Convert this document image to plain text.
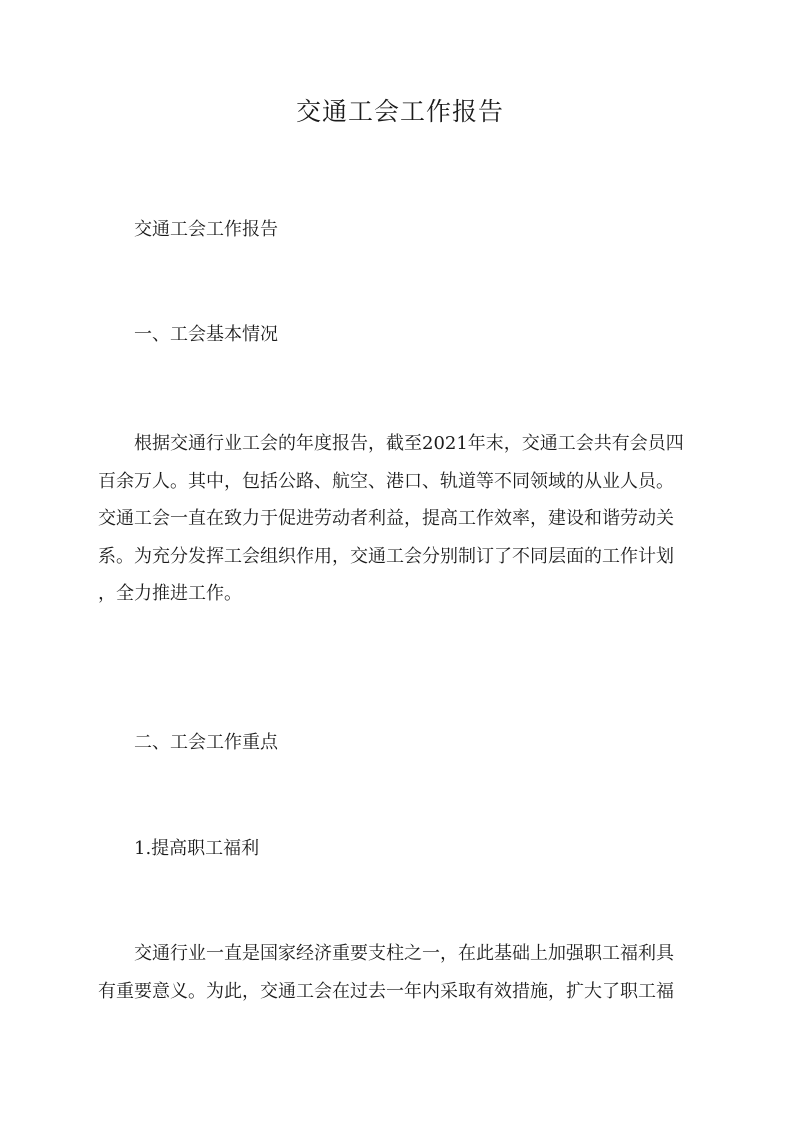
交通工会工作报告
交通工会工作报告
一、工会基本情况
根据交通行业工会的年度报告，截至2021年末，交通工会共有会员四
百余万人。其中，包括公路、航空、港口、轨道等不同领域的从业人员。
交通工会一直在致力于促进劳动者利益，提高工作效率，建设和谐劳动关
系。为充分发挥工会组织作用，交通工会分别制订了不同层面的工作计划
，全力推进工作。
二、工会工作重点
1.提高职工福利
交通行业一直是国家经济重要支柱之一，在此基础上加强职工福利具
有重要意义。为此，交通工会在过去一年内采取有效措施，扩大了职工福
